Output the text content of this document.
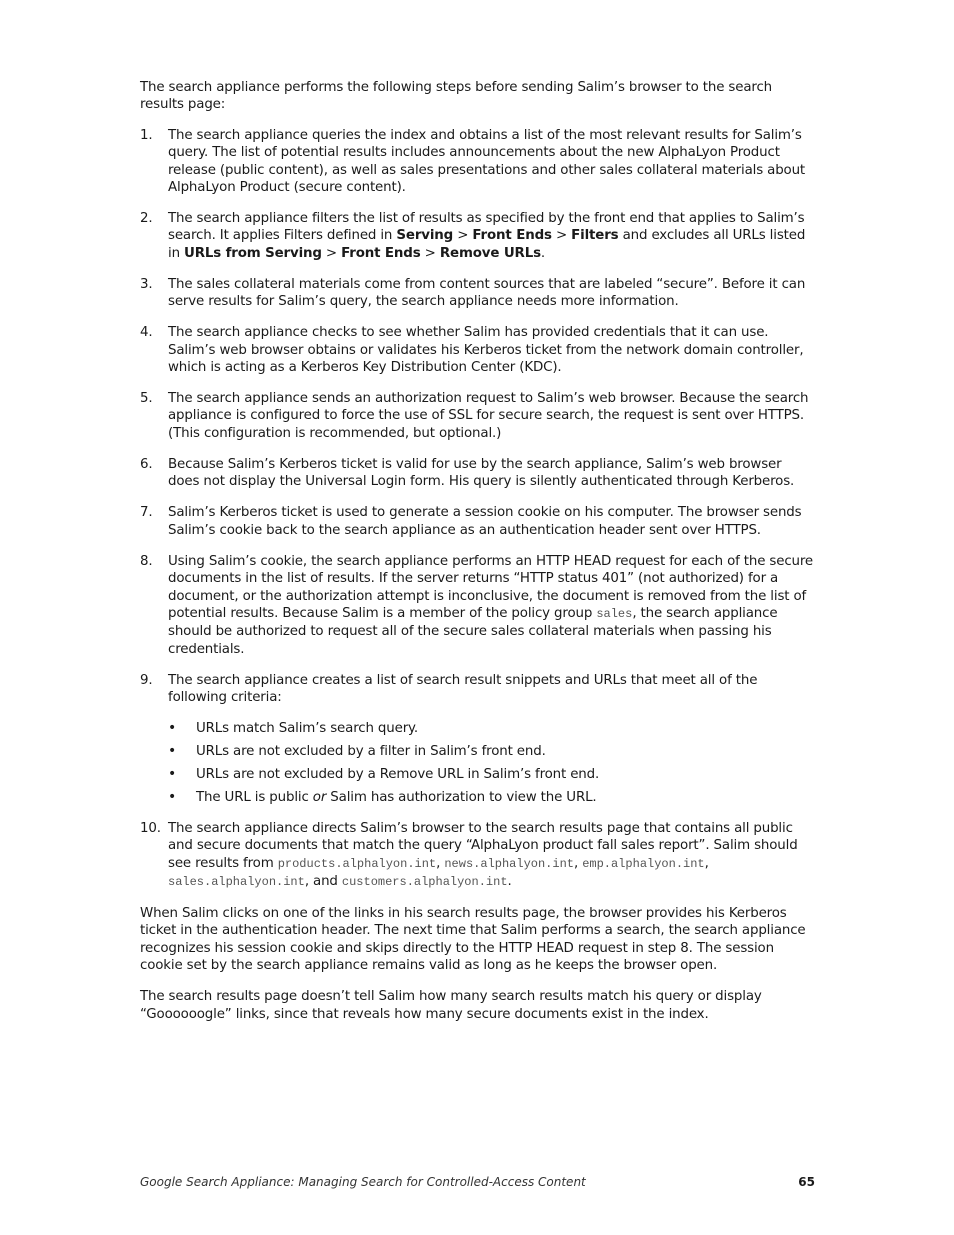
The search appliance performs the following steps before sending Salim’s browser to the search results page:

1. The search appliance queries the index and obtains a list of the most relevant results for Salim’s query. The list of potential results includes announcements about the new AlphaLyon Product release (public content), as well as sales presentations and other sales collateral materials about AlphaLyon Product (secure content).
2. The search appliance filters the list of results as specified by the front end that applies to Salim’s search. It applies Filters defined in Serving > Front Ends > Filters and excludes all URLs listed in URLs from Serving > Front Ends > Remove URLs.
3. The sales collateral materials come from content sources that are labeled “secure”. Before it can serve results for Salim’s query, the search appliance needs more information.
4. The search appliance checks to see whether Salim has provided credentials that it can use. Salim’s web browser obtains or validates his Kerberos ticket from the network domain controller, which is acting as a Kerberos Key Distribution Center (KDC).
5. The search appliance sends an authorization request to Salim’s web browser. Because the search appliance is configured to force the use of SSL for secure search, the request is sent over HTTPS. (This configuration is recommended, but optional.)
6. Because Salim’s Kerberos ticket is valid for use by the search appliance, Salim’s web browser does not display the Universal Login form. His query is silently authenticated through Kerberos.
7. Salim’s Kerberos ticket is used to generate a session cookie on his computer. The browser sends Salim’s cookie back to the search appliance as an authentication header sent over HTTPS.
8. Using Salim’s cookie, the search appliance performs an HTTP HEAD request for each of the secure documents in the list of results. If the server returns “HTTP status 401” (not authorized) for a document, or the authorization attempt is inconclusive, the document is removed from the list of potential results. Because Salim is a member of the policy group sales, the search appliance should be authorized to request all of the secure sales collateral materials when passing his credentials.
9. The search appliance creates a list of search result snippets and URLs that meet all of the following criteria:
• URLs match Salim’s search query.
• URLs are not excluded by a filter in Salim’s front end.
• URLs are not excluded by a Remove URL in Salim’s front end.
• The URL is public or Salim has authorization to view the URL.
10. The search appliance directs Salim’s browser to the search results page that contains all public and secure documents that match the query “AlphaLyon product fall sales report”. Salim should see results from products.alphalyon.int, news.alphalyon.int, emp.alphalyon.int, sales.alphalyon.int, and customers.alphalyon.int.

When Salim clicks on one of the links in his search results page, the browser provides his Kerberos ticket in the authentication header. The next time that Salim performs a search, the search appliance recognizes his session cookie and skips directly to the HTTP HEAD request in step 8. The session cookie set by the search appliance remains valid as long as he keeps the browser open.

The search results page doesn’t tell Salim how many search results match his query or display “Goooooogle” links, since that reveals how many secure documents exist in the index.

Google Search Appliance: Managing Search for Controlled-Access Content	65
